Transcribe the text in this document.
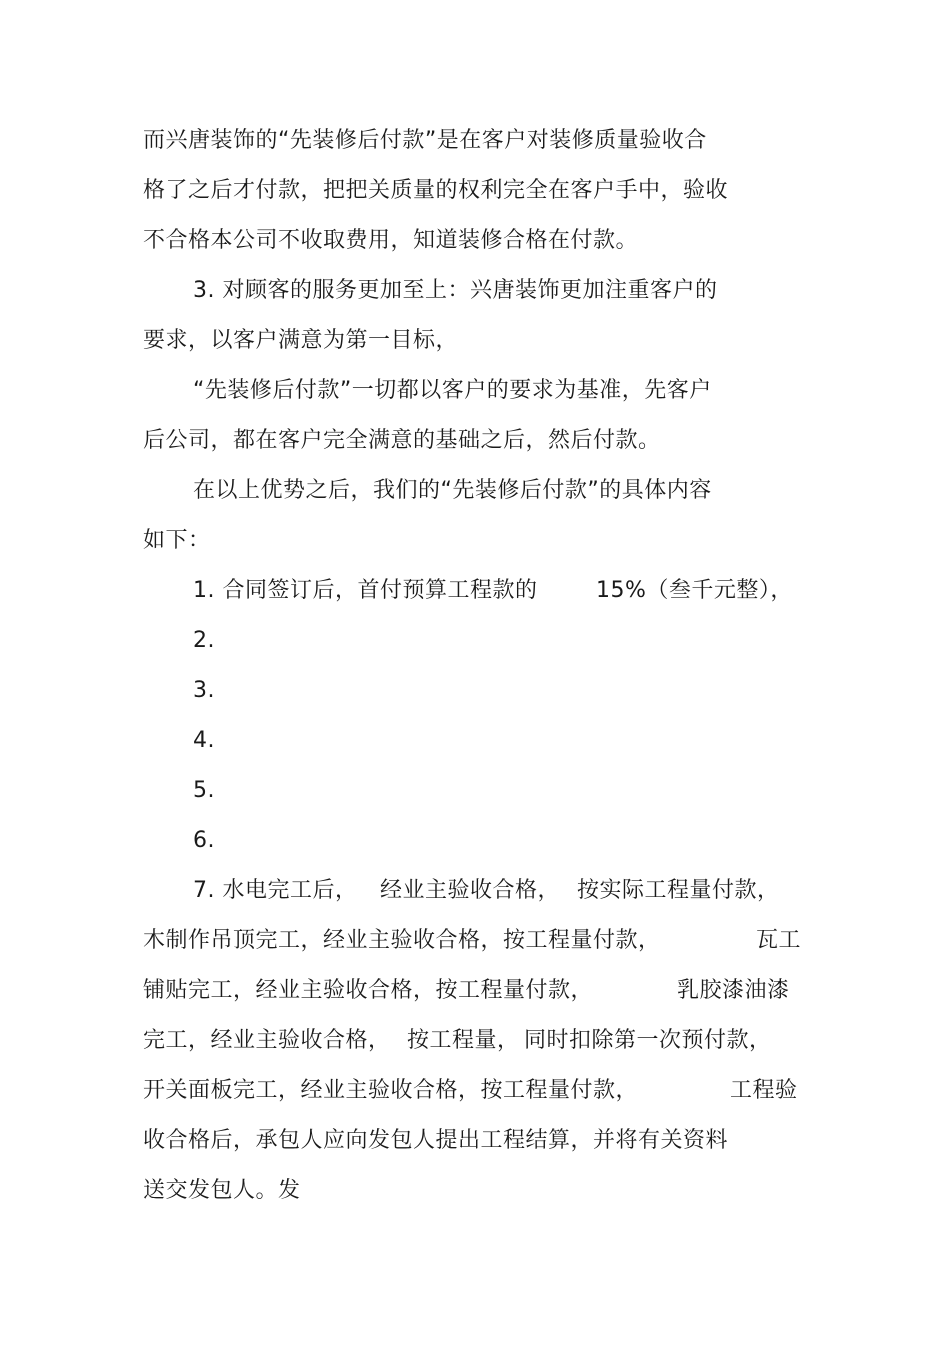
而兴唐装饰的“先装修后付款”是在客户对装修质量验收合
格了之后才付款，把把关质量的权利完全在客户手中，验收
不合格本公司不收取费用，知道装修合格在付款。
3. 对顾客的服务更加至上：兴唐装饰更加注重客户的
要求，以客户满意为第一目标，
“先装修后付款”一切都以客户的要求为基准，先客户
后公司，都在客户完全满意的基础之后，然后付款。
在以上优势之后，我们的“先装修后付款”的具体内容
如下：
1. 合同签订后，首付预算工程款的	15%（叁千元整），
2.
3.
4.
5.
6.
7. 水电完工后， 经业主验收合格， 按实际工程量付款，
木制作吊顶完工，经业主验收合格，按工程量付款，	瓦工
铺贴完工，经业主验收合格，按工程量付款，	乳胶漆油漆
完工，经业主验收合格， 按工程量， 同时扣除第一次预付款，
开关面板完工，经业主验收合格，按工程量付款，	工程验
收合格后，承包人应向发包人提出工程结算，并将有关资料
送交发包人。发
